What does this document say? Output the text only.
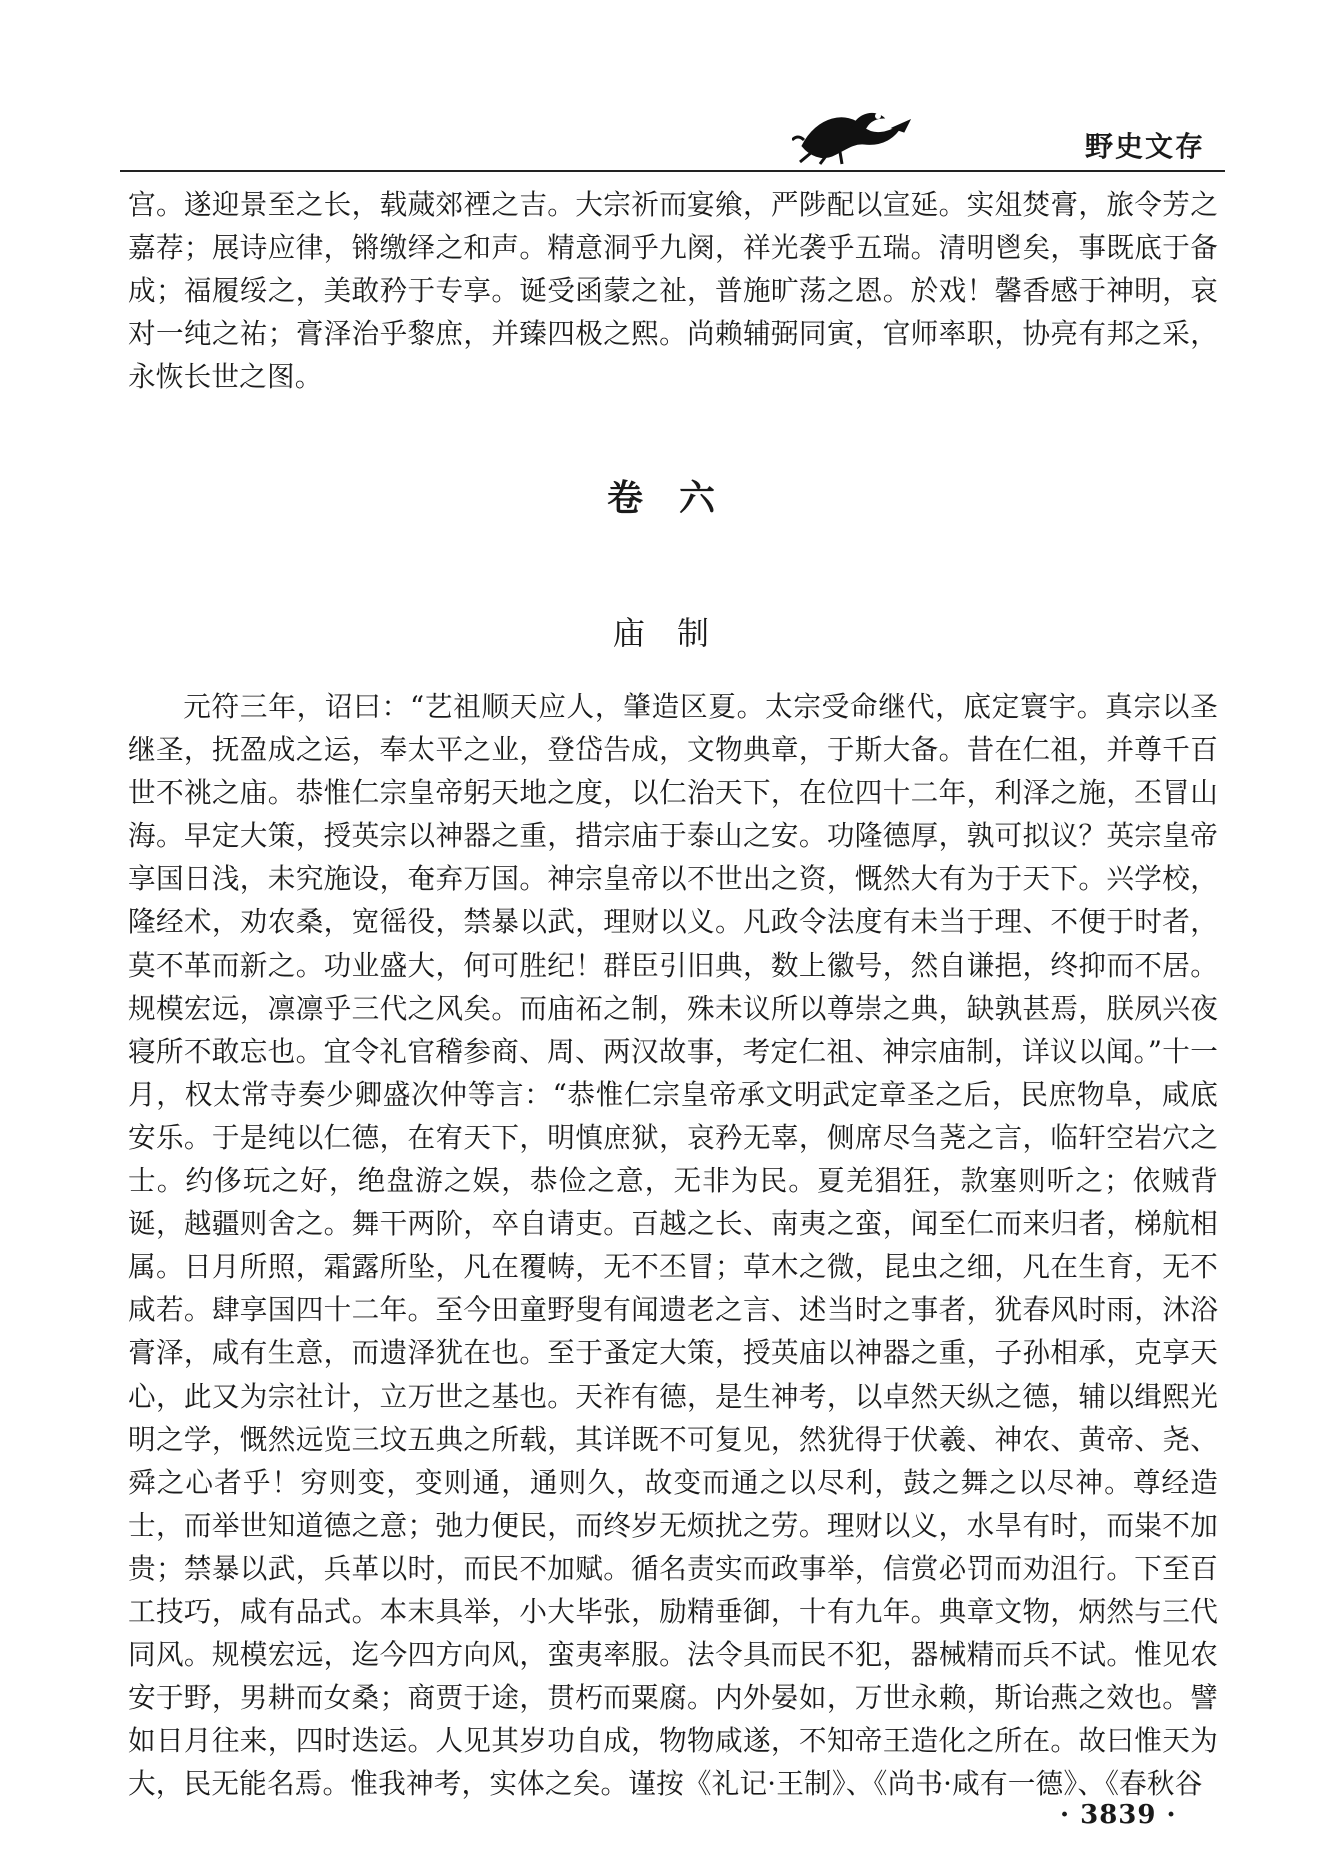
野史文存

宫。遂迎景至之长，载蒇郊禋之吉。大宗祈而宴飨，严陟配以宣延。实俎焚膏，旅令芳之嘉荐；展诗应律，锵缴绎之和声。精意洞乎九阕，祥光袭乎五瑞。清明鬯矣，事既底于备成；福履绥之，美敢矜于专享。诞受函蒙之祉，普施旷荡之恩。於戏！馨香感于神明，哀对一纯之祐；膏泽治乎黎庶，并臻四极之熙。尚赖辅弼同寅，官师率职，协亮有邦之采，永恢长世之图。

卷六
庙制

元符三年，诏曰：“艺祖顺天应人，肇造区夏。太宗受命继代，底定寰宇。真宗以圣继圣，抚盈成之运，奉太平之业，登岱告成，文物典章，于斯大备。昔在仁祖，并尊千百世不祧之庙。恭惟仁宗皇帝躬天地之度，以仁治天下，在位四十二年，利泽之施，丕冒山海。早定大策，授英宗以神器之重，措宗庙于泰山之安。功隆德厚，孰可拟议？英宗皇帝享国日浅，未究施设，奄弃万国。神宗皇帝以不世出之资，慨然大有为于天下。兴学校，隆经术，劝农桑，宽徭役，禁暴以武，理财以义。凡政令法度有未当于理、不便于时者，莫不革而新之。功业盛大，何可胜纪！群臣引旧典，数上徽号，然自谦挹，终抑而不居。规模宏远，凛凛乎三代之风矣。而庙祏之制，殊未议所以尊崇之典，缺孰甚焉，朕夙兴夜寝所不敢忘也。宜令礼官稽参商、周、两汉故事，考定仁祖、神宗庙制，详议以闻。”十一月，权太常寺奏少卿盛次仲等言：“恭惟仁宗皇帝承文明武定章圣之后，民庶物阜，咸底安乐。于是纯以仁德，在宥天下，明慎庶狱，哀矜无辜，侧席尽刍荛之言，临轩空岩穴之士。约侈玩之好，绝盘游之娱，恭俭之意，无非为民。夏羌猖狂，款塞则听之；依贼背诞，越疆则舍之。舞干两阶，卒自请吏。百越之长、南夷之蛮，闻至仁而来归者，梯航相属。日月所照，霜露所坠，凡在覆帱，无不丕冒；草木之微，昆虫之细，凡在生育，无不咸若。肆享国四十二年。至今田童野叟有闻遗老之言、述当时之事者，犹春风时雨，沐浴膏泽，咸有生意，而遗泽犹在也。至于蚤定大策，授英庙以神器之重，子孙相承，克享天心，此又为宗社计，立万世之基也。天祚有德，是生神考，以卓然天纵之德，辅以缉熙光明之学，慨然远览三坟五典之所载，其详既不可复见，然犹得于伏羲、神农、黄帝、尧、舜之心者乎！穷则变，变则通，通则久，故变而通之以尽利，鼓之舞之以尽神。尊经造士，而举世知道德之意；弛力便民，而终岁无烦扰之劳。理财以义，水旱有时，而粜不加贵；禁暴以武，兵革以时，而民不加赋。循名责实而政事举，信赏必罚而劝沮行。下至百工技巧，咸有品式。本末具举，小大毕张，励精垂御，十有九年。典章文物，炳然与三代同风。规模宏远，迄今四方向风，蛮夷率服。法令具而民不犯，器械精而兵不试。惟见农安于野，男耕而女桑；商贾于途，贯朽而粟腐。内外晏如，万世永赖，斯诒燕之效也。譬如日月往来，四时迭运。人见其岁功自成，物物咸遂，不知帝王造化之所在。故曰惟天为大，民无能名焉。惟我神考，实体之矣。谨按《礼记·王制》、《尚书·咸有一德》、《春秋谷

· 3839 ·
